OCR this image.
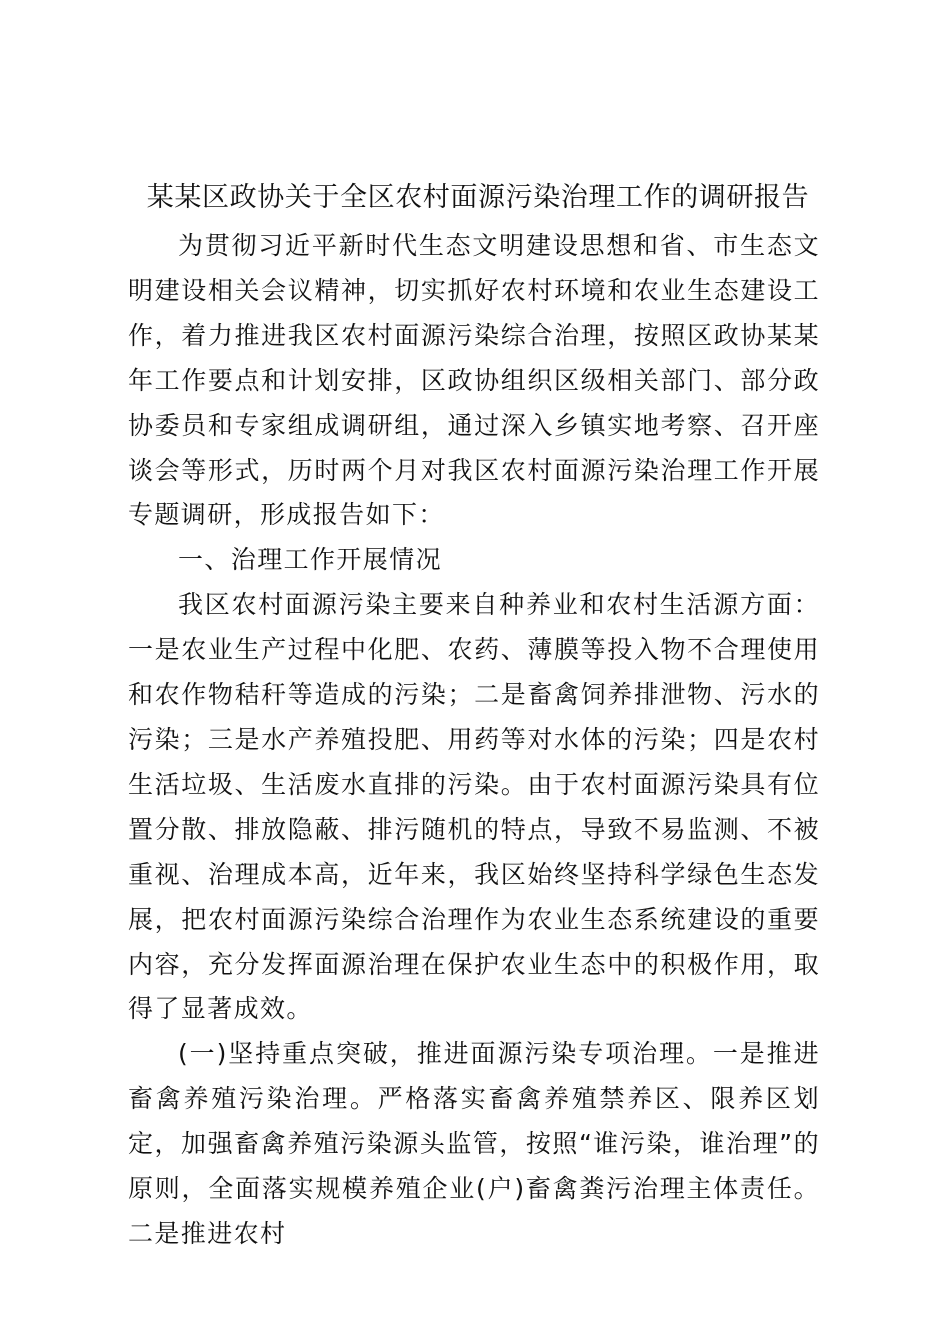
某某区政协关于全区农村面源污染治理工作的调研报告

为贯彻习近平新时代生态文明建设思想和省、市生态文明建设相关会议精神，切实抓好农村环境和农业生态建设工作，着力推进我区农村面源污染综合治理，按照区政协某某年工作要点和计划安排，区政协组织区级相关部门、部分政协委员和专家组成调研组，通过深入乡镇实地考察、召开座谈会等形式，历时两个月对我区农村面源污染治理工作开展专题调研，形成报告如下：

一、治理工作开展情况

我区农村面源污染主要来自种养业和农村生活源方面：一是农业生产过程中化肥、农药、薄膜等投入物不合理使用和农作物秸秆等造成的污染；二是畜禽饲养排泄物、污水的污染；三是水产养殖投肥、用药等对水体的污染；四是农村生活垃圾、生活废水直排的污染。由于农村面源污染具有位置分散、排放隐蔽、排污随机的特点，导致不易监测、不被重视、治理成本高，近年来，我区始终坚持科学绿色生态发展，把农村面源污染综合治理作为农业生态系统建设的重要内容，充分发挥面源治理在保护农业生态中的积极作用，取得了显著成效。

(一)坚持重点突破，推进面源污染专项治理。一是推进畜禽养殖污染治理。严格落实畜禽养殖禁养区、限养区划定，加强畜禽养殖污染源头监管，按照“谁污染，谁治理”的原则，全面落实规模养殖企业(户)畜禽粪污治理主体责任。二是推进农村
